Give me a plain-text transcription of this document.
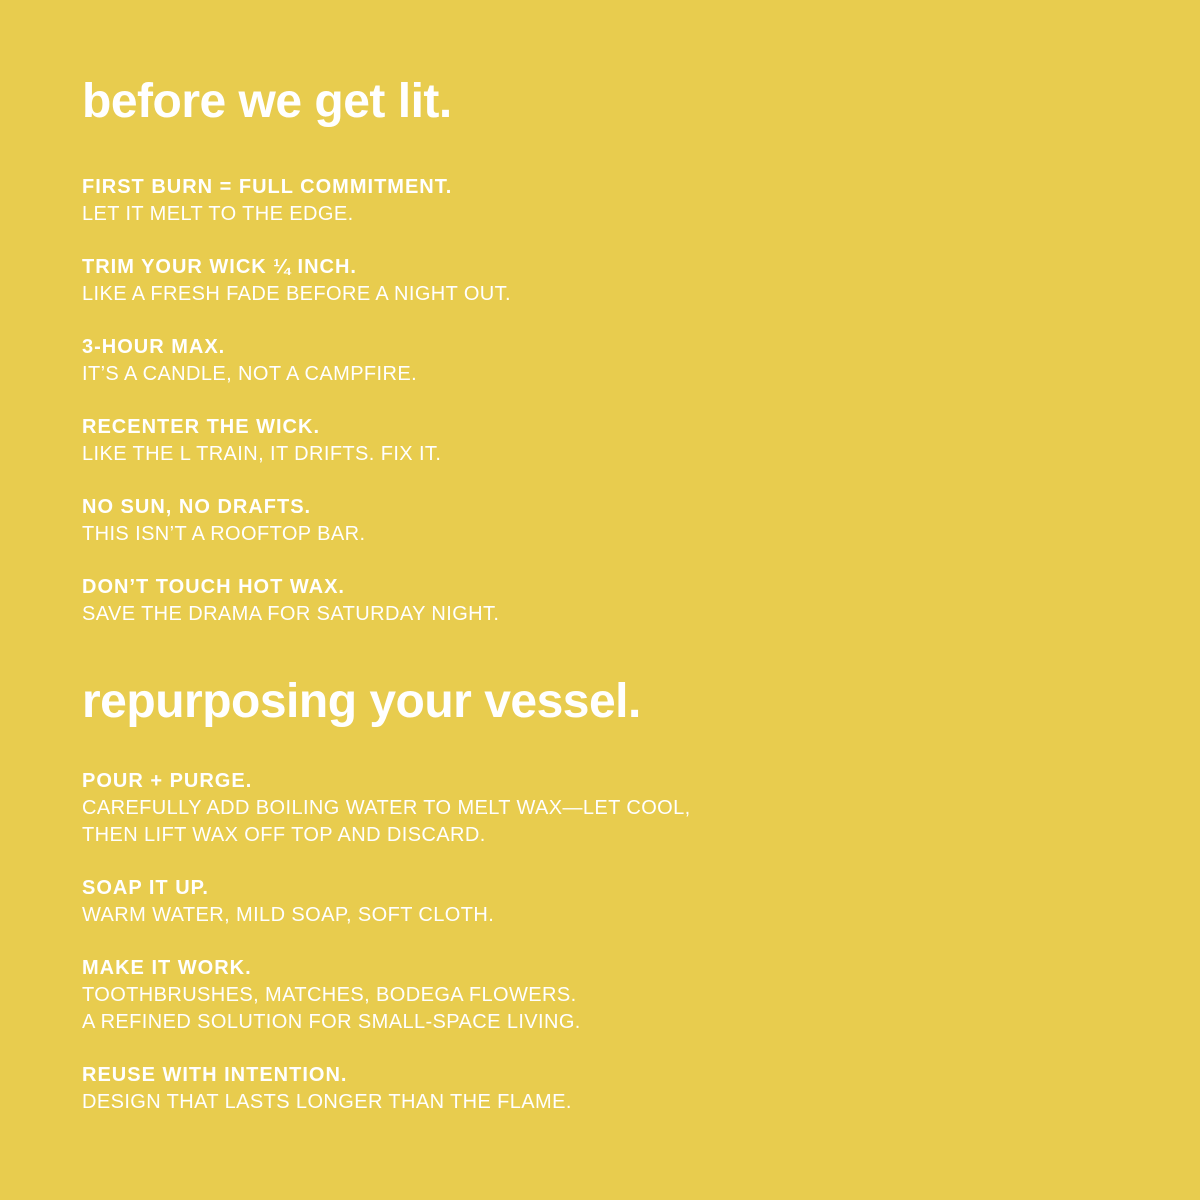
before we get lit.
FIRST BURN = FULL COMMITMENT.
LET IT MELT TO THE EDGE.
TRIM YOUR WICK ¼ INCH.
LIKE A FRESH FADE BEFORE A NIGHT OUT.
3-HOUR MAX.
IT’S A CANDLE, NOT A CAMPFIRE.
RECENTER THE WICK.
LIKE THE L TRAIN, IT DRIFTS. FIX IT.
NO SUN, NO DRAFTS.
THIS ISN’T A ROOFTOP BAR.
DON’T TOUCH HOT WAX.
SAVE THE DRAMA FOR SATURDAY NIGHT.
repurposing your vessel.
POUR + PURGE.
CAREFULLY ADD BOILING WATER TO MELT WAX—LET COOL,
THEN LIFT WAX OFF TOP AND DISCARD.
SOAP IT UP.
WARM WATER, MILD SOAP, SOFT CLOTH.
MAKE IT WORK.
TOOTHBRUSHES, MATCHES, BODEGA FLOWERS.
A REFINED SOLUTION FOR SMALL-SPACE LIVING.
REUSE WITH INTENTION.
DESIGN THAT LASTS LONGER THAN THE FLAME.
